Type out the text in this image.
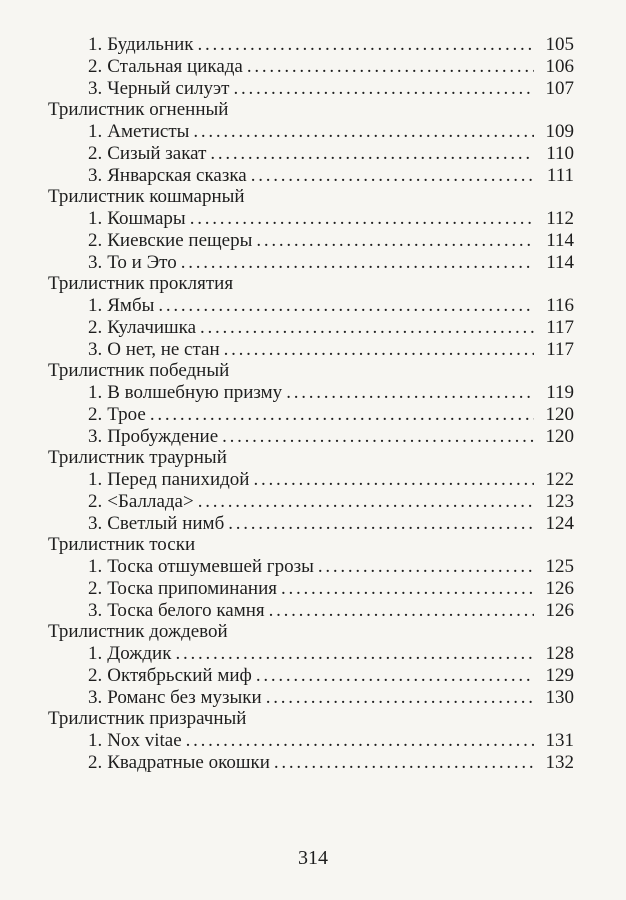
1. Будильник . . .	105
2. Стальная цикада . . .	106
3. Черный силуэт . . .	107
Трилистник огненный
1. Аметисты . . .	109
2. Сизый закат . . .	110
3. Январская сказка . . .	111
Трилистник кошмарный
1. Кошмары . . .	112
2. Киевские пещеры . . .	114
3. То и Это . . .	114
Трилистник проклятия
1. Ямбы . . .	116
2. Кулачишка . . .	117
3. О нет, не стан . . .	117
Трилистник победный
1. В волшебную призму . . .	119
2. Трое . . .	120
3. Пробуждение . . .	120
Трилистник траурный
1. Перед панихидой . . .	122
2. <Баллада> . . .	123
3. Светлый нимб . . .	124
Трилистник тоски
1. Тоска отшумевшей грозы . . .	125
2. Тоска припоминания . . .	126
3. Тоска белого камня . . .	126
Трилистник дождевой
1. Дождик . . .	128
2. Октябрьский миф . . .	129
3. Романс без музыки . . .	130
Трилистник призрачный
1. Nox vitae . . .	131
2. Квадратные окошки . . .	132
314
